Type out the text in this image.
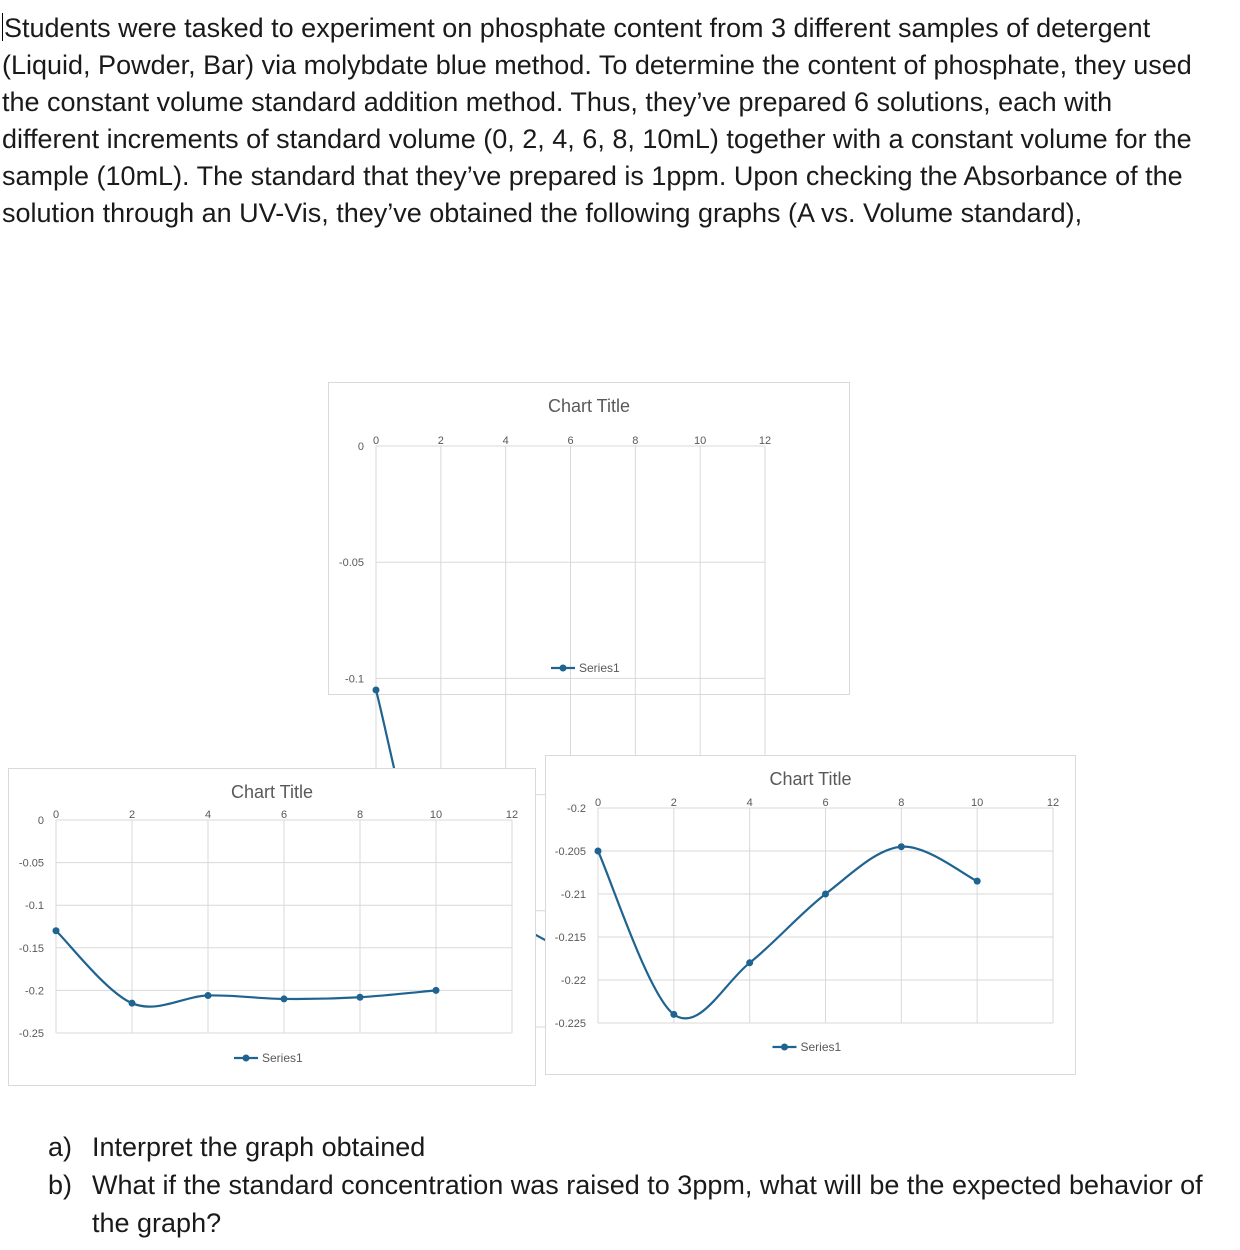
Students were tasked to experiment on phosphate content from 3 different samples of detergent (Liquid, Powder, Bar) via molybdate blue method. To determine the content of phosphate, they used the constant volume standard addition method. Thus, they’ve prepared 6 solutions, each with different increments of standard volume (0, 2, 4, 6, 8, 10mL) together with a constant volume for the sample (10mL). The standard that they’ve prepared is 1ppm. Upon checking the Absorbance of the solution through an UV-Vis, they’ve obtained the following graphs (A vs. Volume standard),

0
-0.05
-0.1
0	2	4	6	8	10	12
Chart Title
Series1
0
-0.05
-0.1
-0.15
-0.2
-0.25
0	2	4	6	8	10	12
Chart Title
Series1
-0.2
-0.205
-0.21
-0.215
-0.22
-0.225
0	2	4	6	8	10	12
Chart Title
Series1
a) Interpret the graph obtained
b) What if the standard concentration was raised to 3ppm, what will be the expected behavior of the graph?
